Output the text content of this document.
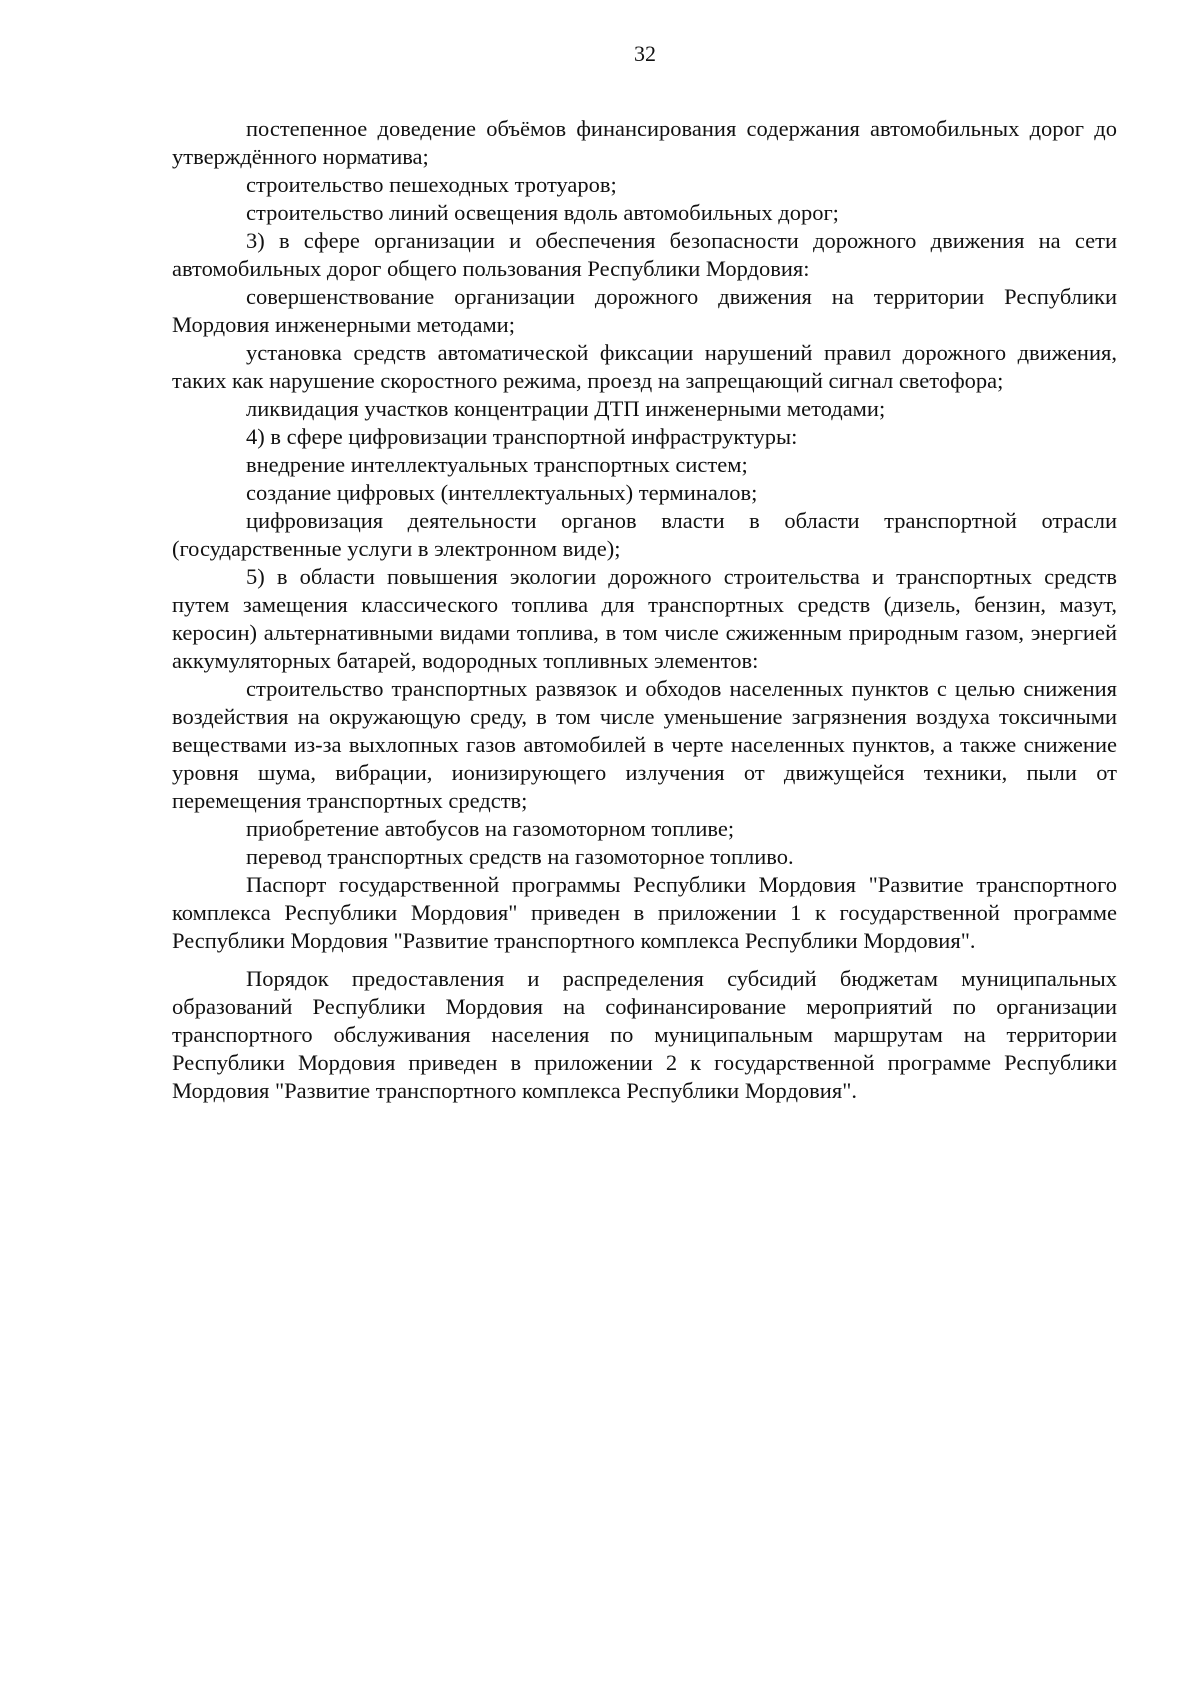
32

постепенное доведение объёмов финансирования содержания автомобильных дорог до утверждённого норматива;

строительство пешеходных тротуаров;

строительство линий освещения вдоль автомобильных дорог;

3) в сфере организации и обеспечения безопасности дорожного движения на сети автомобильных дорог общего пользования Республики Мордовия:

совершенствование организации дорожного движения на территории Республики Мордовия инженерными методами;

установка средств автоматической фиксации нарушений правил дорожного движения, таких как нарушение скоростного режима, проезд на запрещающий сигнал светофора;

ликвидация участков концентрации ДТП инженерными методами;

4) в сфере цифровизации транспортной инфраструктуры:

внедрение интеллектуальных транспортных систем;

создание цифровых (интеллектуальных) терминалов;

цифровизация деятельности органов власти в области транспортной отрасли (государственные услуги в электронном виде);

5) в области повышения экологии дорожного строительства и транспортных средств путем замещения классического топлива для транспортных средств (дизель, бензин, мазут, керосин) альтернативными видами топлива, в том числе сжиженным природным газом, энергией аккумуляторных батарей, водородных топливных элементов:

строительство транспортных развязок и обходов населенных пунктов с целью снижения воздействия на окружающую среду, в том числе уменьшение загрязнения воздуха токсичными веществами из-за выхлопных газов автомобилей в черте населенных пунктов, а также снижение уровня шума, вибрации, ионизирующего излучения от движущейся техники, пыли от перемещения транспортных средств;

приобретение автобусов на газомоторном топливе;

перевод транспортных средств на газомоторное топливо.

Паспорт государственной программы Республики Мордовия "Развитие транспортного комплекса Республики Мордовия" приведен в приложении 1 к государственной программе Республики Мордовия "Развитие транспортного комплекса Республики Мордовия".

Порядок предоставления и распределения субсидий бюджетам муниципальных образований Республики Мордовия на софинансирование мероприятий по организации транспортного обслуживания населения по муниципальным маршрутам на территории Республики Мордовия приведен в приложении 2 к государственной программе Республики Мордовия "Развитие транспортного комплекса Республики Мордовия".
